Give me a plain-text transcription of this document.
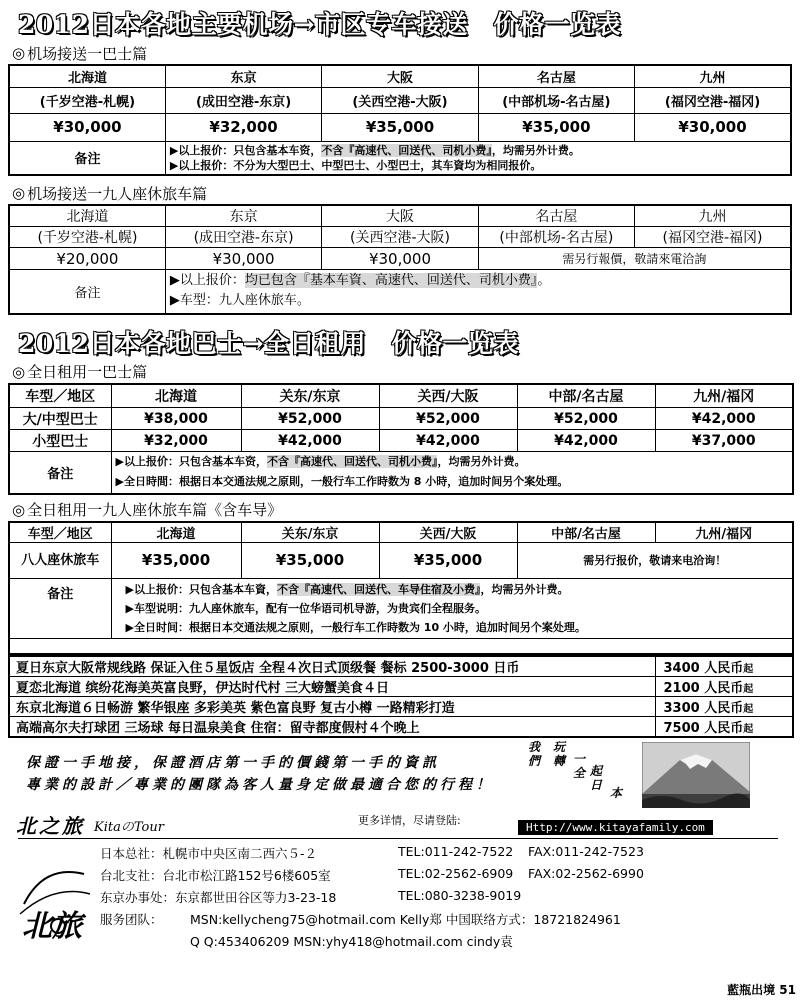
2012日本各地主要机场→市区专车接送　价格一览表
◎ 机场接送一巴士篇
北海道	东京	大阪	名古屋	九州
(千岁空港-札幌)	(成田空港-东京)	(关西空港-大阪)	(中部机场-名古屋)	(福冈空港-福冈)
¥30,000	¥32,000	¥35,000	¥35,000	¥30,000
备注	▶以上报价：只包含基本车资，不含『高速代、回送代、司机小费』，均需另外计费。
▶以上报价：不分为大型巴士、中型巴士、小型巴士，其车資均为相同报价。			
◎ 机场接送一九人座休旅车篇
北海道	东京	大阪	名古屋	九州
(千岁空港-札幌)	(成田空港-东京)	(关西空港-大阪)	(中部机场-名古屋)	(福冈空港-福冈)
¥20,000	¥30,000	¥30,000	需另行報價，敬請來電洽詢	
备注	▶以上报价：均已包含『基本车資、高速代、回送代、司机小费』。
▶车型：九人座休旅车。			
2012日本各地巴士→全日租用　价格一览表
◎ 全日租用一巴士篇
车型／地区	北海道	关东/东京	关西/大阪	中部/名古屋	九州/福冈
大/中型巴士	¥38,000	¥52,000	¥52,000	¥52,000	¥42,000
小型巴士	¥32,000	¥42,000	¥42,000	¥42,000	¥37,000
备注	▶以上报价：只包含基本车资，不含『高速代、回送代、司机小费』，均需另外计费。
▶全日時間：根据日本交通法规之原則，一般行车工作時数为 8 小時，追加时间另个案处理。				
◎ 全日租用一九人座休旅车篇《含车导》
车型／地区	北海道	关东/东京	关西/大阪	中部/名古屋	九州/福冈
八人座休旅车	¥35,000	¥35,000	¥35,000	需另行报价，敬请来电洽询！	
备注	▶以上报价：只包含基本车資，不含『高速代、回送代、车导住宿及小费』，均需另外计费。
▶车型说明：九人座休旅车，配有一位华语司机导游，为贵宾们全程服务。
▶全日时间：根据日本交通法规之原则，一般行车工作時数为 10 小時，追加时间另个案处理。				

夏日东京大阪常规线路 保证入住５星饭店 全程４次日式顶级餐 餐标 2500-3000 日币	3400 人民币起
夏恋北海道 缤纷花海美英富良野，伊达时代村 三大螃蟹美食４日	2100 人民币起
东京北海道６日畅游 繁华银座 多彩美英 紫色富良野 复古小樽 一路精彩打造	3300 人民币起
高端高尔夫打球团 三场球 每日温泉美食 住宿：留寺都度假村４个晚上	7500 人民币起
保證一手地接，保證酒店第一手的價錢第一手的資訊
專業的設計／專業的團隊為客人量身定做最適合您的行程！
我們
玩轉 一全 起日
本
北之旅 KitaのTour	更多详情，尽请登陆:
Http://www.kitayafamily.com
北旅
日本总社：札幌市中央区南二西六５-２	TEL:011-242-7522 FAX:011-242-7523
台北支社：台北市松江路152号6楼605室	TEL:02-2562-6909 FAX:02-2562-6990
东京办事处：东京都世田谷区等力3-23-18	TEL:080-3238-9019
服务团队： MSN:kellycheng75@hotmail.com Kelly郑 中国联络方式：18721824961
Q Q:453406209 MSN:yhy418@hotmail.com cindy袁
藍瓶出境 51
